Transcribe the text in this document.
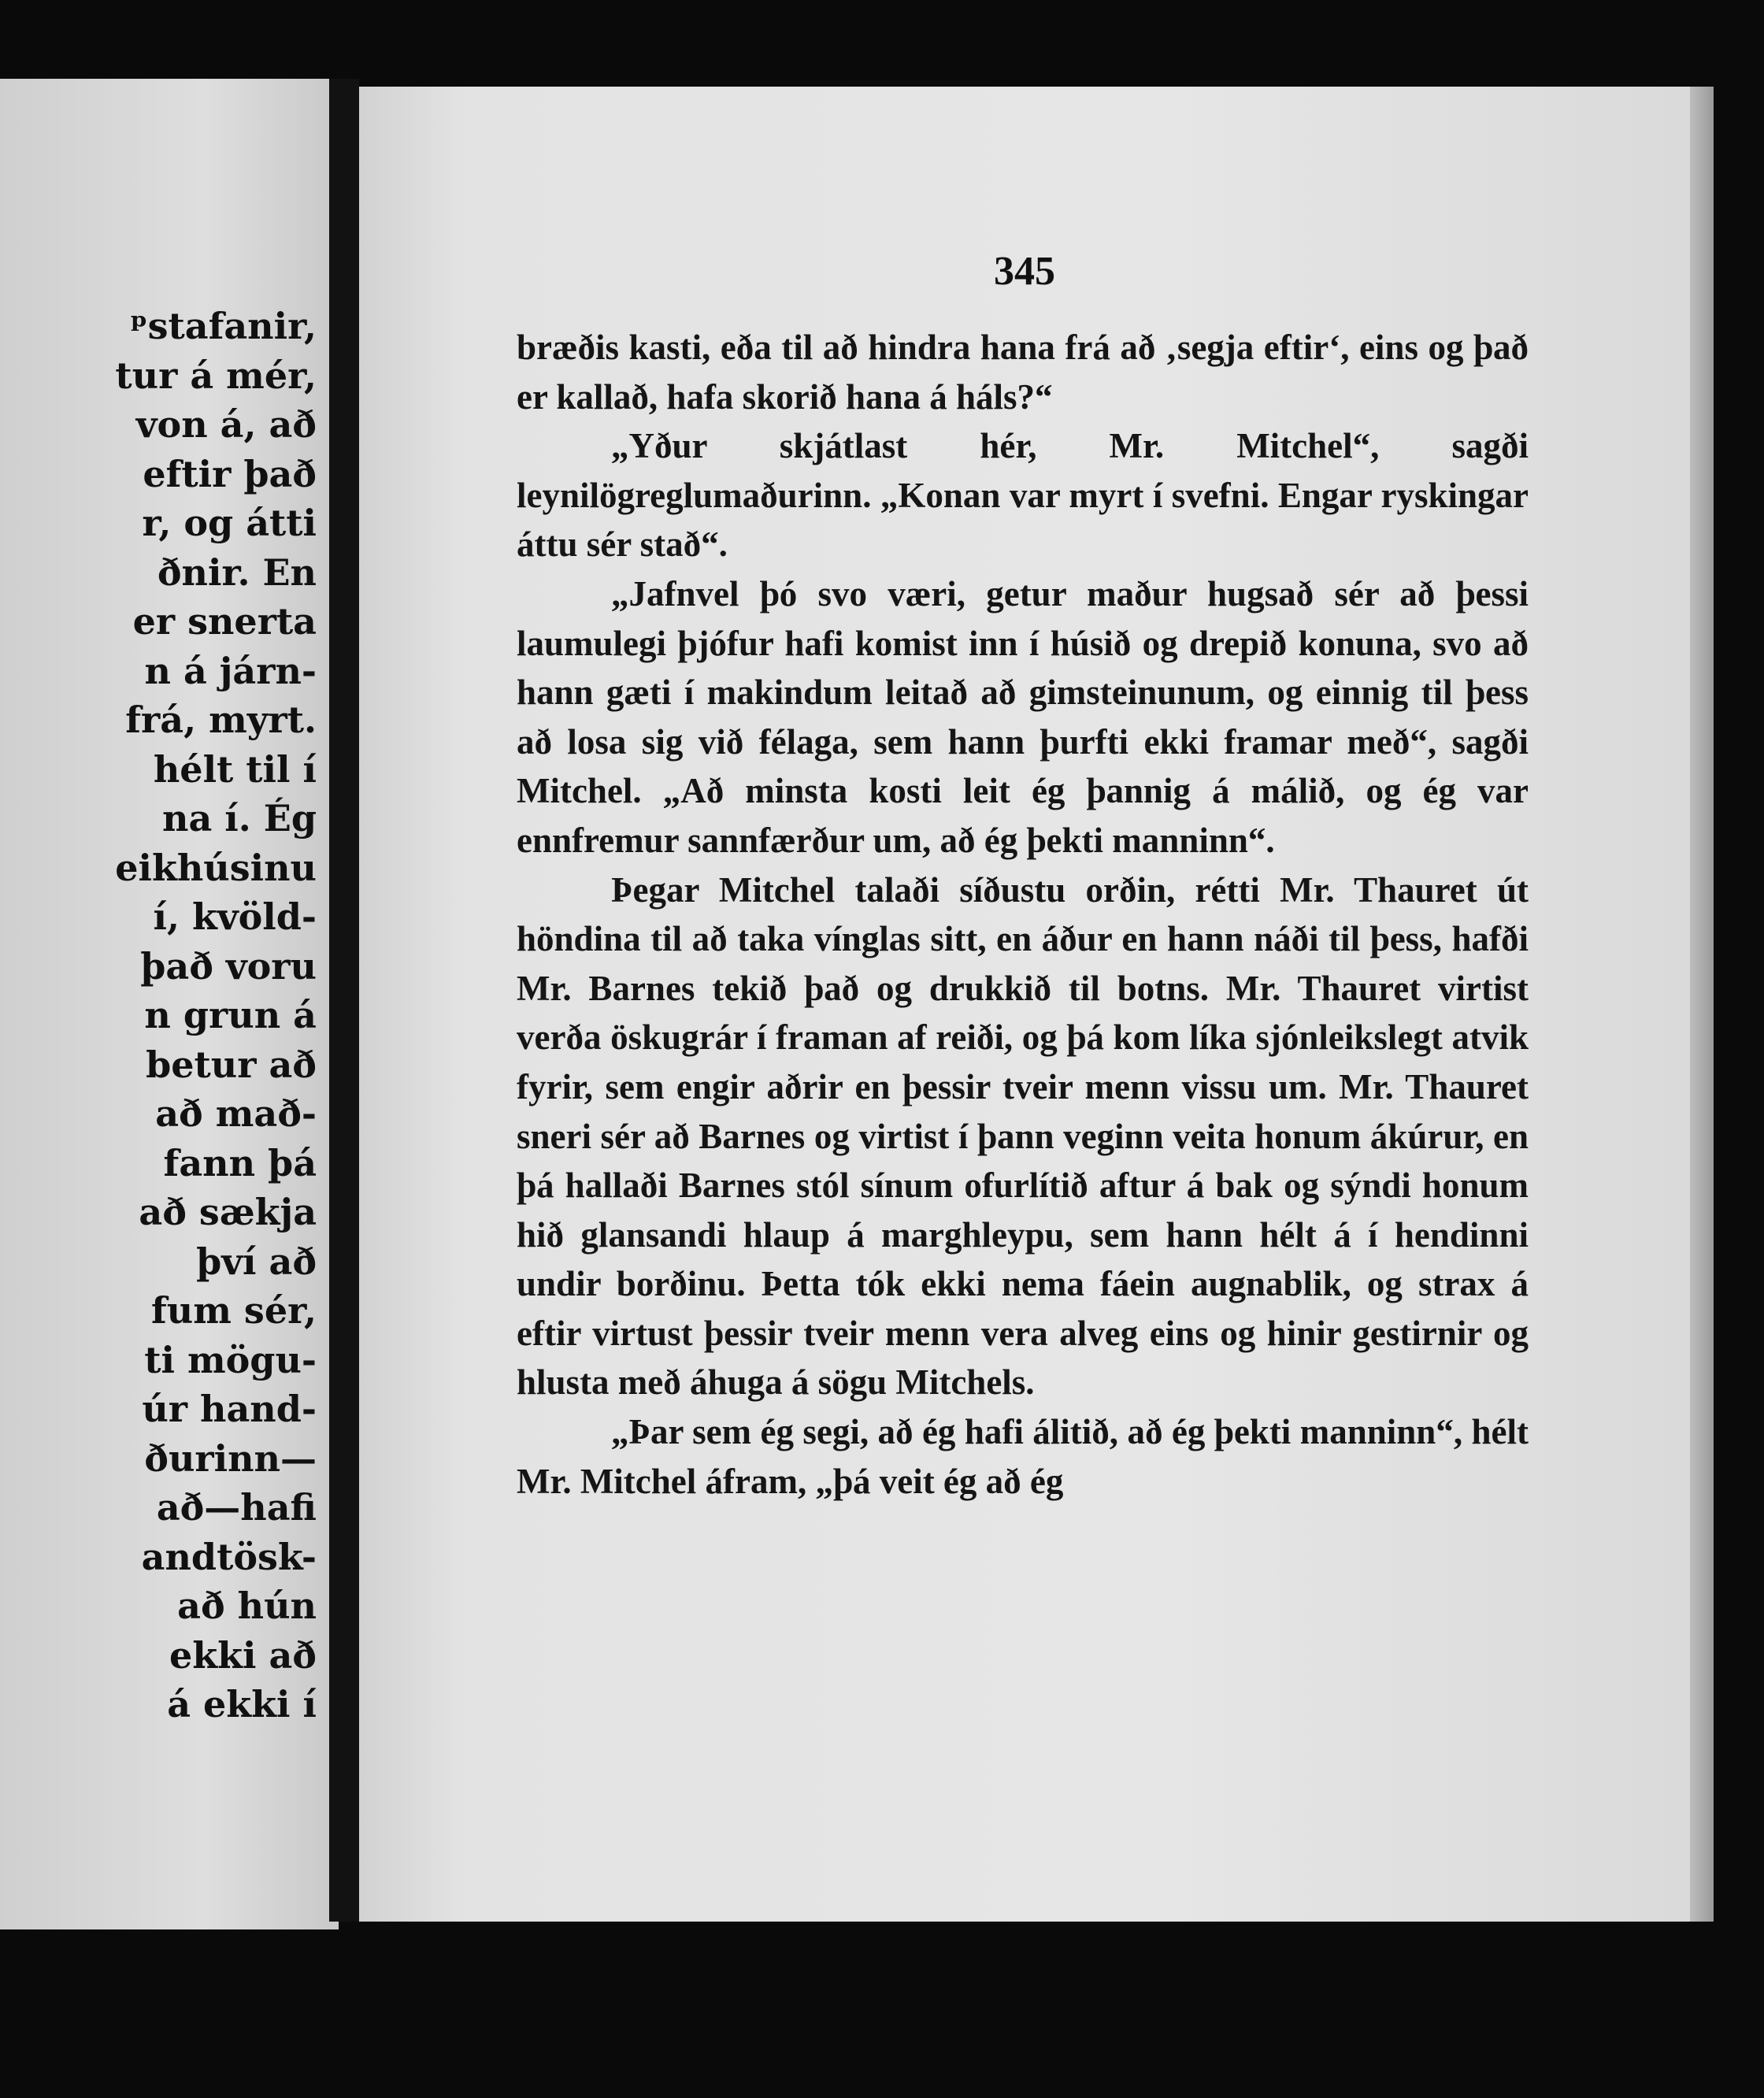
ᵖstafanir,
tur á mér,
von á, að
eftir það
r, og átti
ðnir. En
er snerta
n á járn-
frá, myrt.
hélt til í
na í. Ég
eikhúsinu
í, kvöld-
það voru
n grun á
betur að
að mað-
fann þá
að sækja
því að
fum sér,
ti mögu-
úr hand-
ðurinn—
að—hafi
andtösk-
að hún
ekki að
á ekki í
345

bræðis kasti, eða til að hindra hana frá að ‚segja eftir‘, eins og það er kallað, hafa skorið hana á háls?“

„Yður skjátlast hér, Mr. Mitchel“, sagði leynilögreglumaðurinn. „Konan var myrt í svefni. Engar ryskingar áttu sér stað“.

„Jafnvel þó svo væri, getur maður hugsað sér að þessi laumulegi þjófur hafi komist inn í húsið og drepið konuna, svo að hann gæti í makindum leitað að gimsteinunum, og einnig til þess að losa sig við félaga, sem hann þurfti ekki framar með“, sagði Mitchel. „Að minsta kosti leit ég þannig á málið, og ég var ennfremur sannfærður um, að ég þekti manninn“.

Þegar Mitchel talaði síðustu orðin, rétti Mr. Thauret út höndina til að taka vínglas sitt, en áður en hann náði til þess, hafði Mr. Barnes tekið það og drukkið til botns. Mr. Thauret virtist verða öskugrár í framan af reiði, og þá kom líka sjónleikslegt atvik fyrir, sem engir aðrir en þessir tveir menn vissu um. Mr. Thauret sneri sér að Barnes og virtist í þann veginn veita honum ákúrur, en þá hallaði Barnes stól sínum ofurlítið aftur á bak og sýndi honum hið glansandi hlaup á marghleypu, sem hann hélt á í hendinni undir borðinu. Þetta tók ekki nema fáein augnablik, og strax á eftir virtust þessir tveir menn vera alveg eins og hinir gestirnir og hlusta með áhuga á sögu Mitchels.

„Þar sem ég segi, að ég hafi álitið, að ég þekti manninn“, hélt Mr. Mitchel áfram, „þá veit ég að ég
